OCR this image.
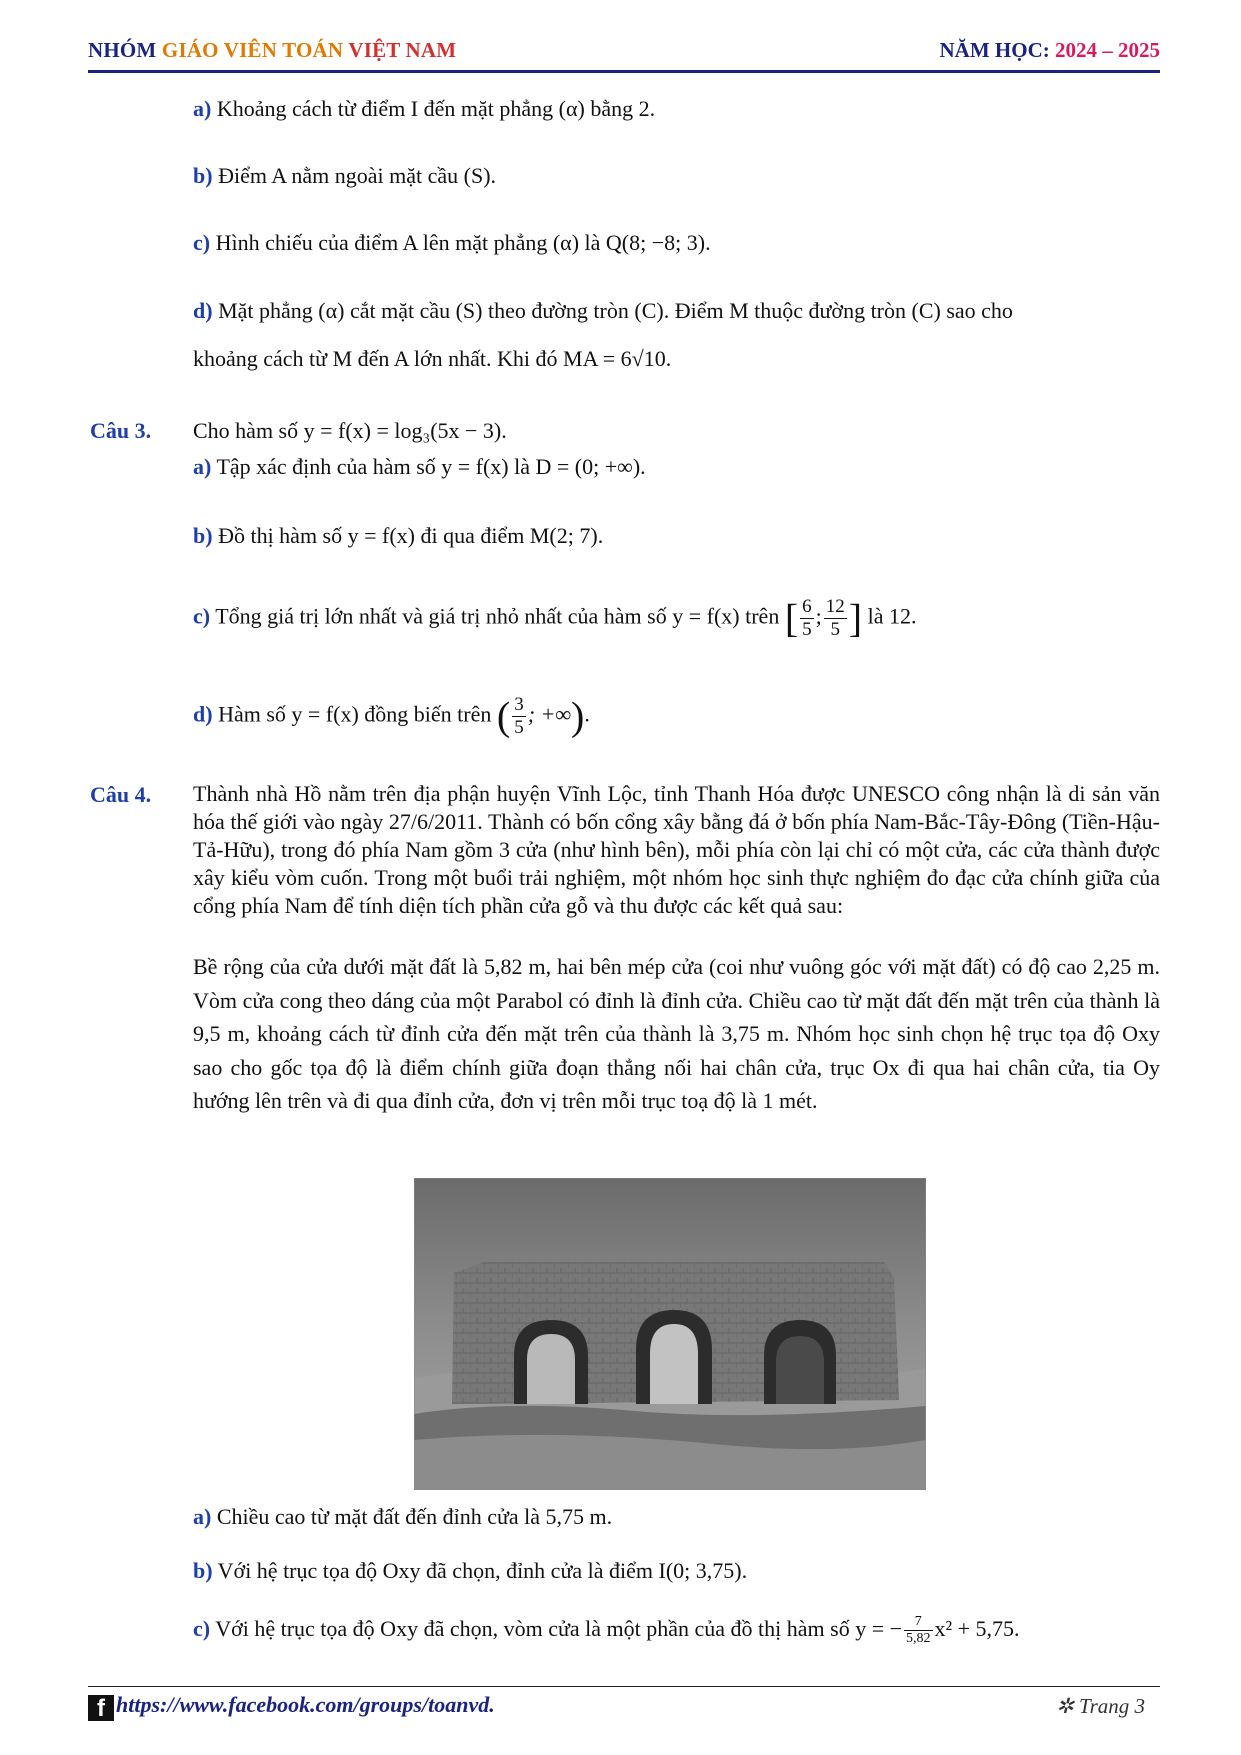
NHÓM GIÁO VIÊN TOÁN VIỆT NAM	NĂM HỌC: 2024 – 2025
a) Khoảng cách từ điểm I đến mặt phẳng (α) bằng 2.
b) Điểm A nằm ngoài mặt cầu (S).
c) Hình chiếu của điểm A lên mặt phẳng (α) là Q(8; −8; 3).
d) Mặt phẳng (α) cắt mặt cầu (S) theo đường tròn (C). Điểm M thuộc đường tròn (C) sao cho
khoảng cách từ M đến A lớn nhất. Khi đó MA = 6√10.
Câu 3. Cho hàm số y = f(x) = log₃(5x − 3).
a) Tập xác định của hàm số y = f(x) là D = (0; +∞).
b) Đồ thị hàm số y = f(x) đi qua điểm M(2; 7).
c) Tổng giá trị lớn nhất và giá trị nhỏ nhất của hàm số y = f(x) trên [ $\frac{6}{5}$ ; $\frac{12}{5}$ ] là 12.
d) Hàm số y = f(x) đồng biến trên ( $\frac{3}{5}$ ; +∞).
Câu 4. Thành nhà Hồ nằm trên địa phận huyện Vĩnh Lộc, tỉnh Thanh Hóa được UNESCO công nhận là di sản văn hóa thế giới vào ngày 27/6/2011. Thành có bốn cổng xây bằng đá ở bốn phía Nam-Bắc-Tây-Đông (Tiền-Hậu-Tả-Hữu), trong đó phía Nam gồm 3 cửa (như hình bên), mỗi phía còn lại chỉ có một cửa, các cửa thành được xây kiểu vòm cuốn. Trong một buổi trải nghiệm, một nhóm học sinh thực nghiệm đo đạc cửa chính giữa của cổng phía Nam để tính diện tích phần cửa gỗ và thu được các kết quả sau:
Bề rộng của cửa dưới mặt đất là 5,82 m, hai bên mép cửa (coi như vuông góc với mặt đất) có độ cao 2,25 m. Vòm cửa cong theo dáng của một Parabol có đỉnh là đỉnh cửa. Chiều cao từ mặt đất đến mặt trên của thành là 9,5 m, khoảng cách từ đỉnh cửa đến mặt trên của thành là 3,75 m. Nhóm học sinh chọn hệ trục tọa độ Oxy sao cho gốc tọa độ là điểm chính giữa đoạn thẳng nối hai chân cửa, trục Ox đi qua hai chân cửa, tia Oy hướng lên trên và đi qua đỉnh cửa, đơn vị trên mỗi trục toạ độ là 1 mét.
a) Chiều cao từ mặt đất đến đỉnh cửa là 5,75 m.
b) Với hệ trục tọa độ Oxy đã chọn, đỉnh cửa là điểm I(0; 3,75).
c) Với hệ trục tọa độ Oxy đã chọn, vòm cửa là một phần của đồ thị hàm số y = − $\frac{7}{5,82} x^2 + 5,75$.
f https://www.facebook.com/groups/toanvd.	✲ Trang 3
